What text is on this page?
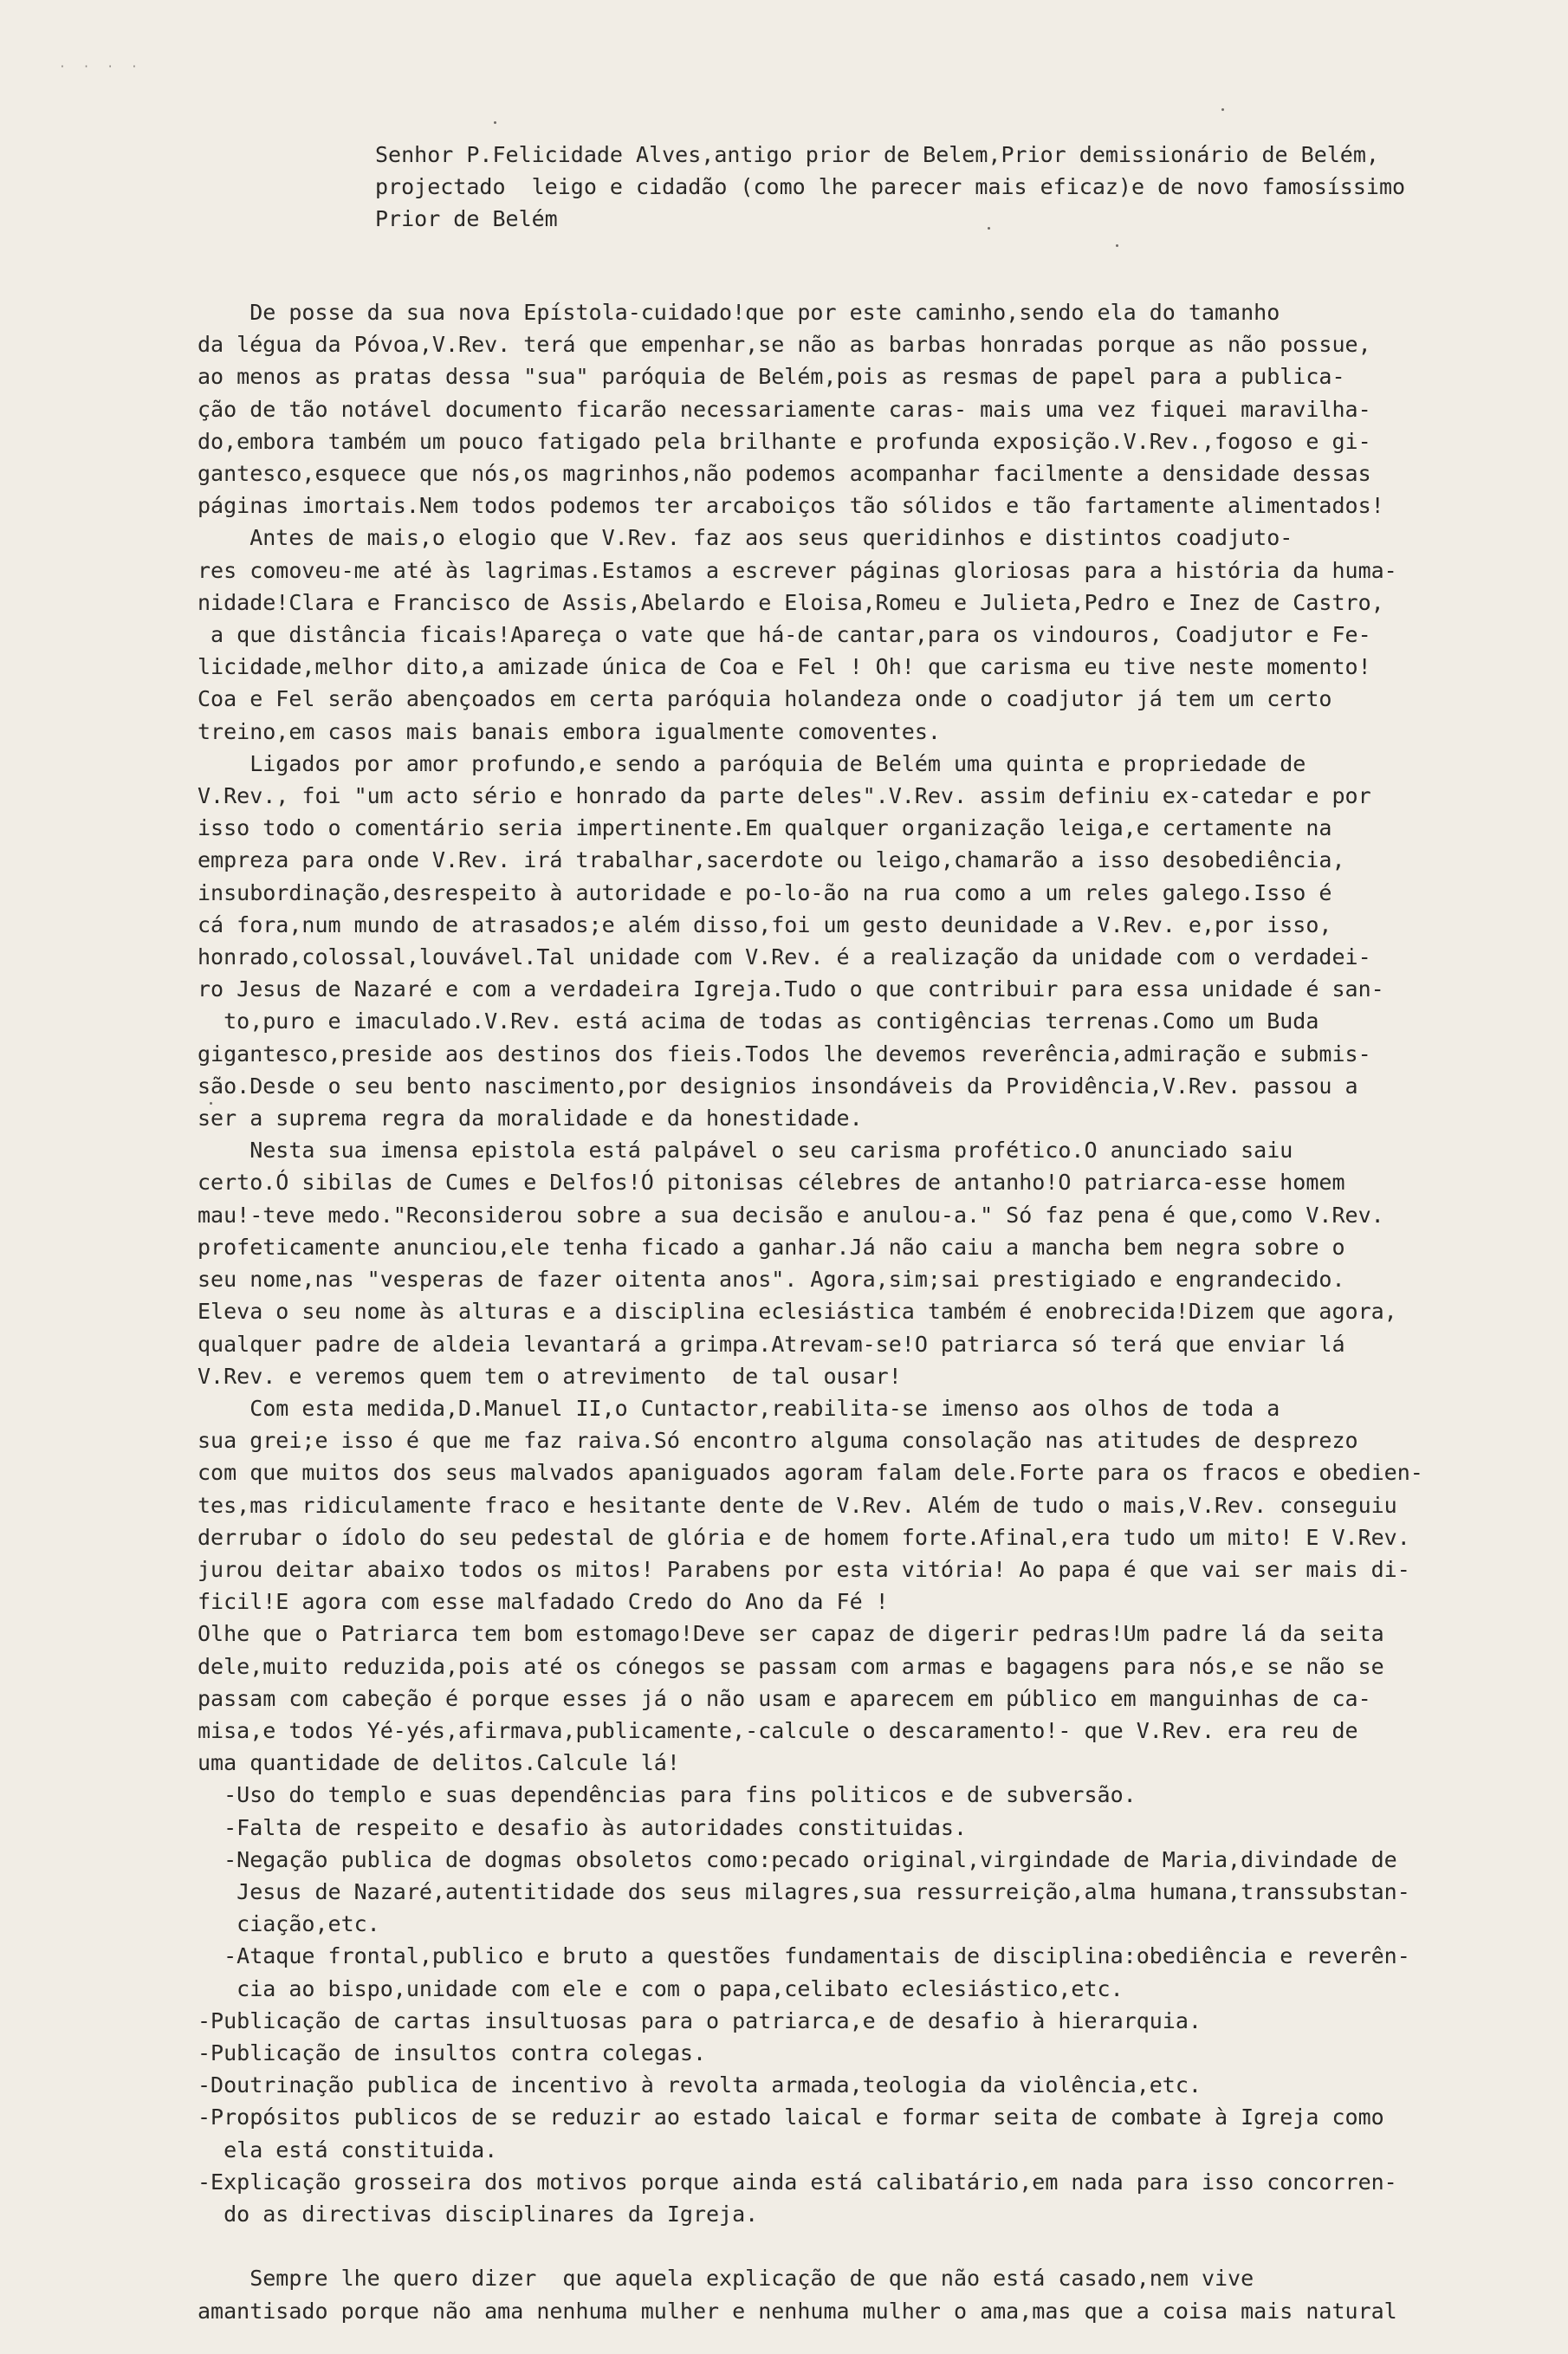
· · · ·
Senhor P.Felicidade Alves,antigo prior de Belem,Prior demissionário de Belém,
projectado  leigo e cidadão (como lhe parecer mais eficaz)e de novo famosíssimo
Prior de Belém
De posse da sua nova Epístola-cuidado!que por este caminho,sendo ela do tamanho
da légua da Póvoa,V.Rev. terá que empenhar,se não as barbas honradas porque as não possue,
ao menos as pratas dessa "sua" paróquia de Belém,pois as resmas de papel para a publica-
ção de tão notável documento ficarão necessariamente caras- mais uma vez fiquei maravilha-
do,embora também um pouco fatigado pela brilhante e profunda exposição.V.Rev.,fogoso e gi-
gantesco,esquece que nós,os magrinhos,não podemos acompanhar facilmente a densidade dessas
páginas imortais.Nem todos podemos ter arcaboiços tão sólidos e tão fartamente alimentados!
Antes de mais,o elogio que V.Rev. faz aos seus queridinhos e distintos coadjuto-
res comoveu-me até às lagrimas.Estamos a escrever páginas gloriosas para a história da huma-
nidade!Clara e Francisco de Assis,Abelardo e Eloisa,Romeu e Julieta,Pedro e Inez de Castro,
a que distância ficais!Apareça o vate que há-de cantar,para os vindouros, Coadjutor e Fe-
licidade,melhor dito,a amizade única de Coa e Fel ! Oh! que carisma eu tive neste momento!
Coa e Fel serão abençoados em certa paróquia holandeza onde o coadjutor já tem um certo
treino,em casos mais banais embora igualmente comoventes.
Ligados por amor profundo,e sendo a paróquia de Belém uma quinta e propriedade de
V.Rev., foi "um acto sério e honrado da parte deles".V.Rev. assim definiu ex-catedar e por
isso todo o comentário seria impertinente.Em qualquer organização leiga,e certamente na
empreza para onde V.Rev. irá trabalhar,sacerdote ou leigo,chamarão a isso desobediência,
insubordinação,desrespeito à autoridade e po-lo-ão na rua como a um reles galego.Isso é
cá fora,num mundo de atrasados;e além disso,foi um gesto deunidade a V.Rev. e,por isso,
honrado,colossal,louvável.Tal unidade com V.Rev. é a realização da unidade com o verdadei-
ro Jesus de Nazaré e com a verdadeira Igreja.Tudo o que contribuir para essa unidade é san-
to,puro e imaculado.V.Rev. está acima de todas as contigências terrenas.Como um Buda
gigantesco,preside aos destinos dos fieis.Todos lhe devemos reverência,admiração e submis-
são.Desde o seu bento nascimento,por designios insondáveis da Providência,V.Rev. passou a
ser a suprema regra da moralidade e da honestidade.
Nesta sua imensa epistola está palpável o seu carisma profético.O anunciado saiu
certo.Ó sibilas de Cumes e Delfos!Ó pitonisas célebres de antanho!O patriarca-esse homem
mau!-teve medo."Reconsiderou sobre a sua decisão e anulou-a." Só faz pena é que,como V.Rev.
profeticamente anunciou,ele tenha ficado a ganhar.Já não caiu a mancha bem negra sobre o
seu nome,nas "vesperas de fazer oitenta anos". Agora,sim;sai prestigiado e engrandecido.
Eleva o seu nome às alturas e a disciplina eclesiástica também é enobrecida!Dizem que agora,
qualquer padre de aldeia levantará a grimpa.Atrevam-se!O patriarca só terá que enviar lá
V.Rev. e veremos quem tem o atrevimento  de tal ousar!
Com esta medida,D.Manuel II,o Cuntactor,reabilita-se imenso aos olhos de toda a
sua grei;e isso é que me faz raiva.Só encontro alguma consolação nas atitudes de desprezo
com que muitos dos seus malvados apaniguados agoram falam dele.Forte para os fracos e obedien-
tes,mas ridiculamente fraco e hesitante dente de V.Rev. Além de tudo o mais,V.Rev. conseguiu
derrubar o ídolo do seu pedestal de glória e de homem forte.Afinal,era tudo um mito! E V.Rev.
jurou deitar abaixo todos os mitos! Parabens por esta vitória! Ao papa é que vai ser mais di-
ficil!E agora com esse malfadado Credo do Ano da Fé !
Olhe que o Patriarca tem bom estomago!Deve ser capaz de digerir pedras!Um padre lá da seita
dele,muito reduzida,pois até os cónegos se passam com armas e bagagens para nós,e se não se
passam com cabeção é porque esses já o não usam e aparecem em público em manguinhas de ca-
misa,e todos Yé-yés,afirmava,publicamente,-calcule o descaramento!- que V.Rev. era reu de
uma quantidade de delitos.Calcule lá!
-Uso do templo e suas dependências para fins politicos e de subversão.
-Falta de respeito e desafio às autoridades constituidas.
-Negação publica de dogmas obsoletos como:pecado original,virgindade de Maria,divindade de
Jesus de Nazaré,autentitidade dos seus milagres,sua ressurreição,alma humana,transsubstan-
ciação,etc.
-Ataque frontal,publico e bruto a questões fundamentais de disciplina:obediência e reverên-
cia ao bispo,unidade com ele e com o papa,celibato eclesiástico,etc.
-Publicação de cartas insultuosas para o patriarca,e de desafio à hierarquia.
-Publicação de insultos contra colegas.
-Doutrinação publica de incentivo à revolta armada,teologia da violência,etc.
-Propósitos publicos de se reduzir ao estado laical e formar seita de combate à Igreja como
ela está constituida.
-Explicação grosseira dos motivos porque ainda está calibatário,em nada para isso concorren-
do as directivas disciplinares da Igreja.

Sempre lhe quero dizer  que aquela explicação de que não está casado,nem vive
amantisado porque não ama nenhuma mulher e nenhuma mulher o ama,mas que a coisa mais natural
